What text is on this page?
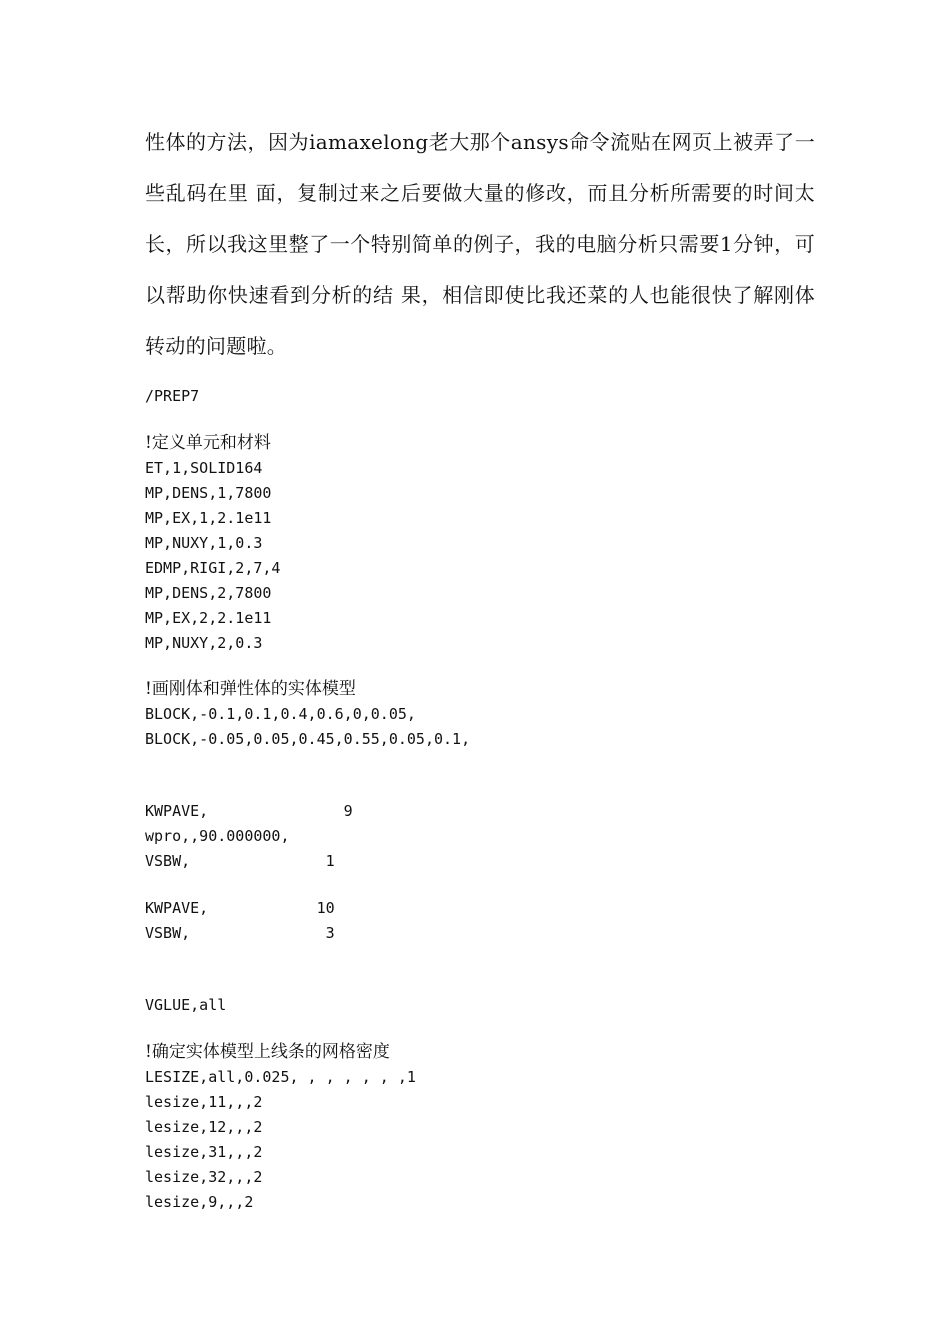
性体的方法，因为iamaxelong老大那个ansys命令流贴在网页上被弄了一些乱码在里 面，复制过来之后要做大量的修改，而且分析所需要的时间太长，所以我这里整了一个特别简单的例子，我的电脑分析只需要1分钟，可以帮助你快速看到分析的结 果，相信即使比我还菜的人也能很快了解刚体转动的问题啦。

/PREP7
!定义单元和材料
ET,1,SOLID164
MP,DENS,1,7800
MP,EX,1,2.1e11
MP,NUXY,1,0.3
EDMP,RIGI,2,7,4
MP,DENS,2,7800
MP,EX,2,2.1e11
MP,NUXY,2,0.3
!画刚体和弹性体的实体模型
BLOCK,-0.1,0.1,0.4,0.6,0,0.05,
BLOCK,-0.05,0.05,0.45,0.55,0.05,0.1,
KWPAVE,               9
wpro,,90.000000,
VSBW,               1
KWPAVE,            10
VSBW,               3
VGLUE,all
!确定实体模型上线条的网格密度
LESIZE,all,0.025, , , , , , ,1
lesize,11,,,2
lesize,12,,,2
lesize,31,,,2
lesize,32,,,2
lesize,9,,,2
